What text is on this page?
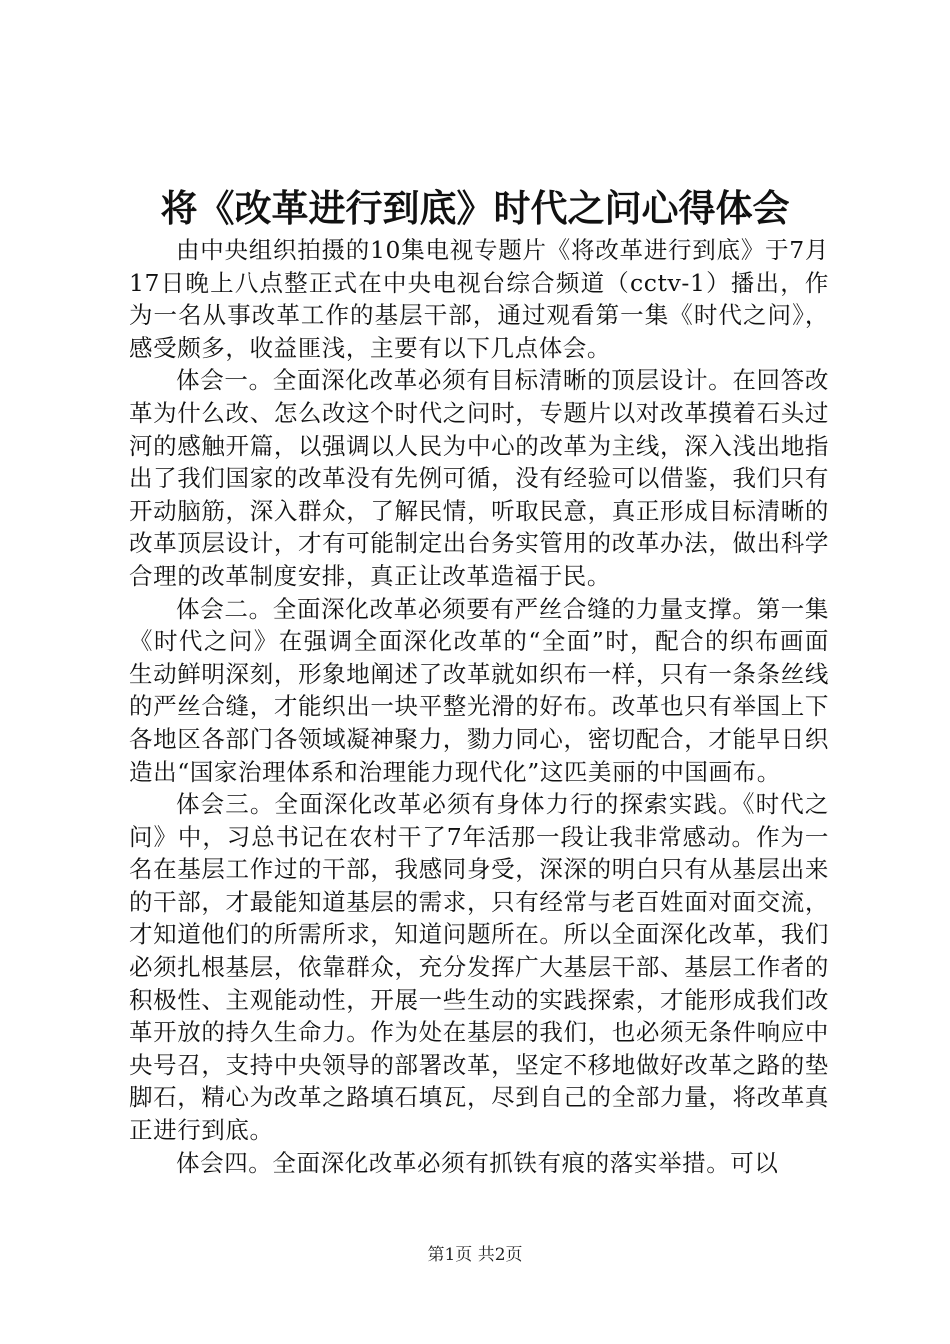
将《改革进行到底》时代之问心得体会

由中央组织拍摄的10集电视专题片《将改革进行到底》于7月17日晚上八点整正式在中央电视台综合频道（cctv-1）播出，作为一名从事改革工作的基层干部，通过观看第一集《时代之问》，感受颇多，收益匪浅，主要有以下几点体会。

体会一。全面深化改革必须有目标清晰的顶层设计。在回答改革为什么改、怎么改这个时代之问时，专题片以对改革摸着石头过河的感触开篇，以强调以人民为中心的改革为主线，深入浅出地指出了我们国家的改革没有先例可循，没有经验可以借鉴，我们只有开动脑筋，深入群众，了解民情，听取民意，真正形成目标清晰的改革顶层设计，才有可能制定出台务实管用的改革办法，做出科学合理的改革制度安排，真正让改革造福于民。

体会二。全面深化改革必须要有严丝合缝的力量支撑。第一集《时代之问》在强调全面深化改革的“全面”时，配合的织布画面生动鲜明深刻，形象地阐述了改革就如织布一样，只有一条条丝线的严丝合缝，才能织出一块平整光滑的好布。改革也只有举国上下各地区各部门各领域凝神聚力，勠力同心，密切配合，才能早日织造出“国家治理体系和治理能力现代化”这匹美丽的中国画布。

体会三。全面深化改革必须有身体力行的探索实践。《时代之问》中，习总书记在农村干了7年活那一段让我非常感动。作为一名在基层工作过的干部，我感同身受，深深的明白只有从基层出来的干部，才最能知道基层的需求，只有经常与老百姓面对面交流，才知道他们的所需所求，知道问题所在。所以全面深化改革，我们必须扎根基层，依靠群众，充分发挥广大基层干部、基层工作者的积极性、主观能动性，开展一些生动的实践探索，才能形成我们改革开放的持久生命力。作为处在基层的我们，也必须无条件响应中央号召，支持中央领导的部署改革，坚定不移地做好改革之路的垫脚石，精心为改革之路填石填瓦，尽到自己的全部力量，将改革真正进行到底。

体会四。全面深化改革必须有抓铁有痕的落实举措。可以

第1页 共2页
